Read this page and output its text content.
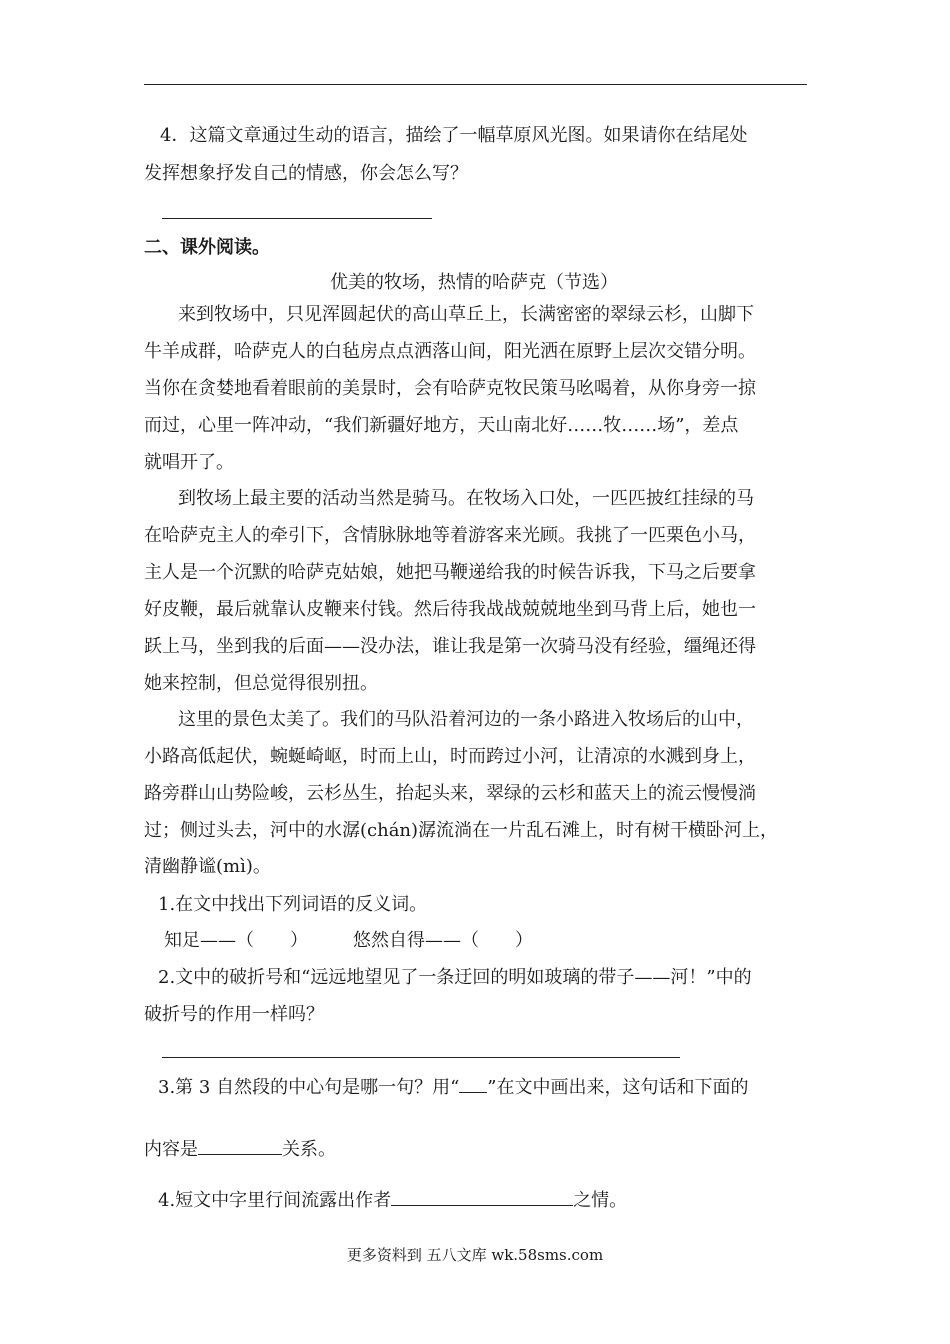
4．这篇文章通过生动的语言，描绘了一幅草原风光图。如果请你在结尾处
发挥想象抒发自己的情感，你会怎么写？
二、课外阅读。
优美的牧场，热情的哈萨克（节选）
来到牧场中，只见浑圆起伏的高山草丘上，长满密密的翠绿云杉，山脚下
牛羊成群，哈萨克人的白毡房点点洒落山间，阳光洒在原野上层次交错分明。
当你在贪婪地看着眼前的美景时，会有哈萨克牧民策马吆喝着，从你身旁一掠
而过，心里一阵冲动，“我们新疆好地方，天山南北好……牧……场”，差点
就唱开了。
到牧场上最主要的活动当然是骑马。在牧场入口处，一匹匹披红挂绿的马
在哈萨克主人的牵引下，含情脉脉地等着游客来光顾。我挑了一匹栗色小马，
主人是一个沉默的哈萨克姑娘，她把马鞭递给我的时候告诉我，下马之后要拿
好皮鞭，最后就靠认皮鞭来付钱。然后待我战战兢兢地坐到马背上后，她也一
跃上马，坐到我的后面——没办法，谁让我是第一次骑马没有经验，缰绳还得
她来控制，但总觉得很别扭。
这里的景色太美了。我们的马队沿着河边的一条小路进入牧场后的山中，
小路高低起伏，蜿蜒崎岖，时而上山，时而跨过小河，让清凉的水溅到身上，
路旁群山山势险峻，云杉丛生，抬起头来，翠绿的云杉和蓝天上的流云慢慢淌
过；侧过头去，河中的水潺(chán)潺流淌在一片乱石滩上，时有树干横卧河上，
清幽静谧(mì)。
1.在文中找出下列词语的反义词。
知足——（　　）	悠然自得——（　　）
2.文中的破折号和“远远地望见了一条迂回的明如玻璃的带子——河！”中的
破折号的作用一样吗？
3.第 3 自然段的中心句是哪一句？用“ ”在文中画出来，这句话和下面的
内容是	关系。
4.短文中字里行间流露出作者	之情。
更多资料到 五八文库 wk.58sms.com
